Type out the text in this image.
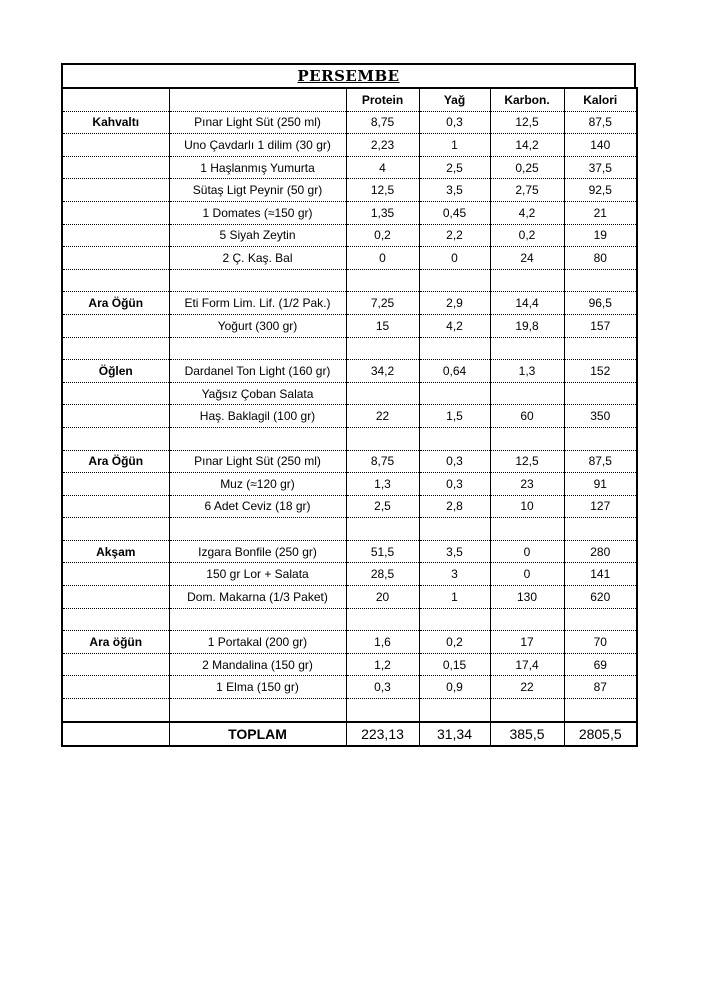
PERSEMBE
		Protein	Yağ	Karbon.	Kalori
Kahvaltı	Pınar Light Süt (250 ml)	8,75	0,3	12,5	87,5
	Uno Çavdarlı 1 dilim (30 gr)	2,23	1	14,2	140
	1 Haşlanmış Yumurta	4	2,5	0,25	37,5
	Sütaş Ligt Peynir (50 gr)	12,5	3,5	2,75	92,5
	1 Domates (≈150 gr)	1,35	0,45	4,2	21
	5 Siyah Zeytin	0,2	2,2	0,2	19
	2 Ç. Kaş. Bal	0	0	24	80

Ara Öğün	Eti Form Lim. Lif. (1/2 Pak.)	7,25	2,9	14,4	96,5
	Yoğurt (300 gr)	15	4,2	19,8	157

Öğlen	Dardanel Ton Light (160 gr)	34,2	0,64	1,3	152
	Yağsız Çoban Salata				
	Haş. Baklagil (100 gr)	22	1,5	60	350

Ara Öğün	Pınar Light Süt (250 ml)	8,75	0,3	12,5	87,5
	Muz (≈120 gr)	1,3	0,3	23	91
	6 Adet Ceviz (18 gr)	2,5	2,8	10	127

Akşam	Izgara Bonfile (250 gr)	51,5	3,5	0	280
	150 gr Lor + Salata	28,5	3	0	141
	Dom. Makarna (1/3 Paket)	20	1	130	620

Ara öğün	1 Portakal (200 gr)	1,6	0,2	17	70
	2 Mandalina (150 gr)	1,2	0,15	17,4	69
	1 Elma (150 gr)	0,3	0,9	22	87

	TOPLAM	223,13	31,34	385,5	2805,5
